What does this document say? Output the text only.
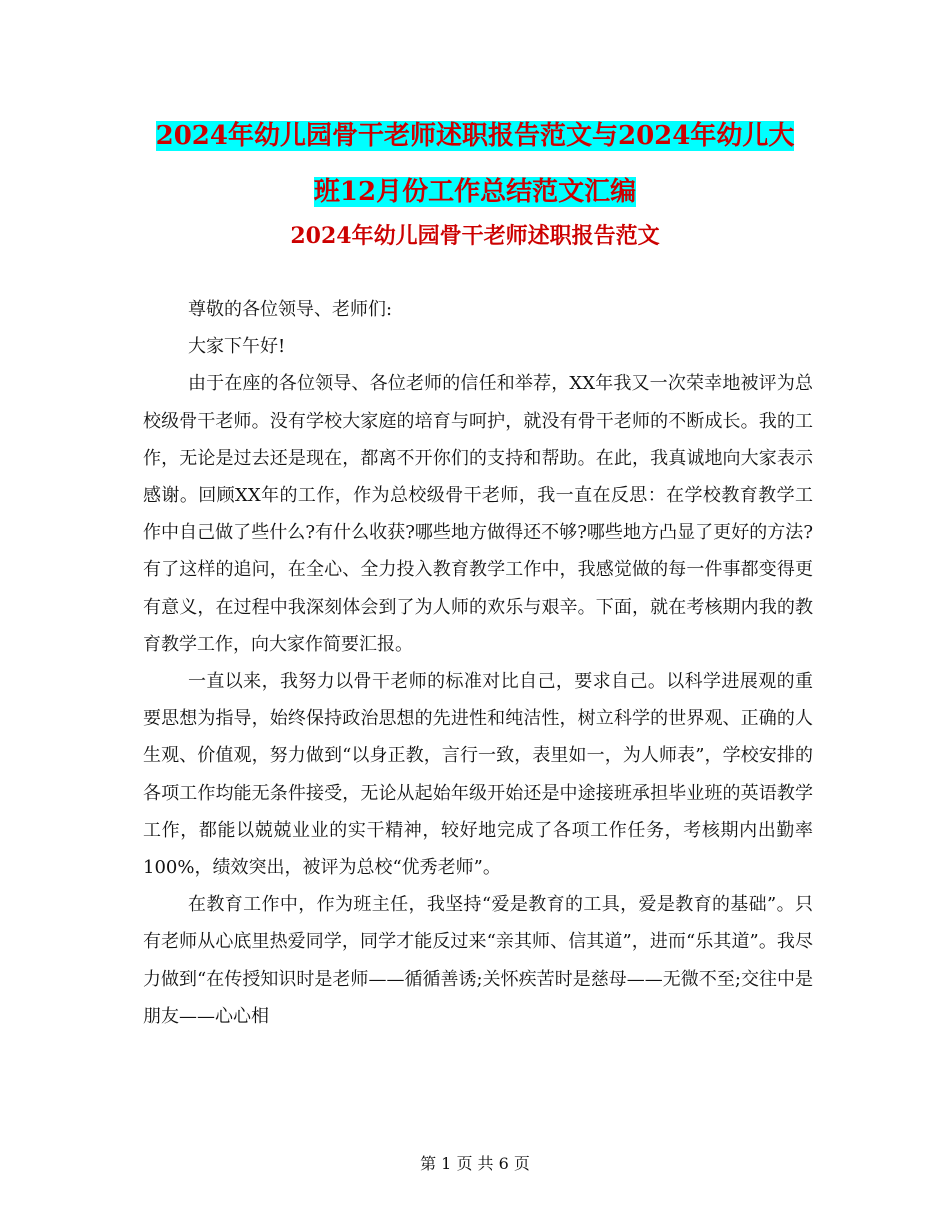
2024年幼儿园骨干老师述职报告范文与2024年幼儿大
班12月份工作总结范文汇编
2024年幼儿园骨干老师述职报告范文

尊敬的各位领导、老师们:

大家下午好!

由于在座的各位领导、各位老师的信任和举荐，XX年我又一次荣幸地被评为总校级骨干老师。没有学校大家庭的培育与呵护，就没有骨干老师的不断成长。我的工作，无论是过去还是现在，都离不开你们的支持和帮助。在此，我真诚地向大家表示感谢。回顾XX年的工作，作为总校级骨干老师，我一直在反思：在学校教育教学工作中自己做了些什么?有什么收获?哪些地方做得还不够?哪些地方凸显了更好的方法?有了这样的追问，在全心、全力投入教育教学工作中，我感觉做的每一件事都变得更有意义，在过程中我深刻体会到了为人师的欢乐与艰辛。下面，就在考核期内我的教育教学工作，向大家作简要汇报。

一直以来，我努力以骨干老师的标准对比自己，要求自己。以科学进展观的重要思想为指导，始终保持政治思想的先进性和纯洁性，树立科学的世界观、正确的人生观、价值观，努力做到“以身正教，言行一致，表里如一，为人师表”，学校安排的各项工作均能无条件接受，无论从起始年级开始还是中途接班承担毕业班的英语教学工作，都能以兢兢业业的实干精神，较好地完成了各项工作任务，考核期内出勤率100%，绩效突出，被评为总校“优秀老师”。

在教育工作中，作为班主任，我坚持“爱是教育的工具，爱是教育的基础”。只有老师从心底里热爱同学，同学才能反过来“亲其师、信其道”，进而“乐其道”。我尽力做到“在传授知识时是老师——循循善诱;关怀疾苦时是慈母——无微不至;交往中是朋友——心心相

第 1 页 共 6 页
